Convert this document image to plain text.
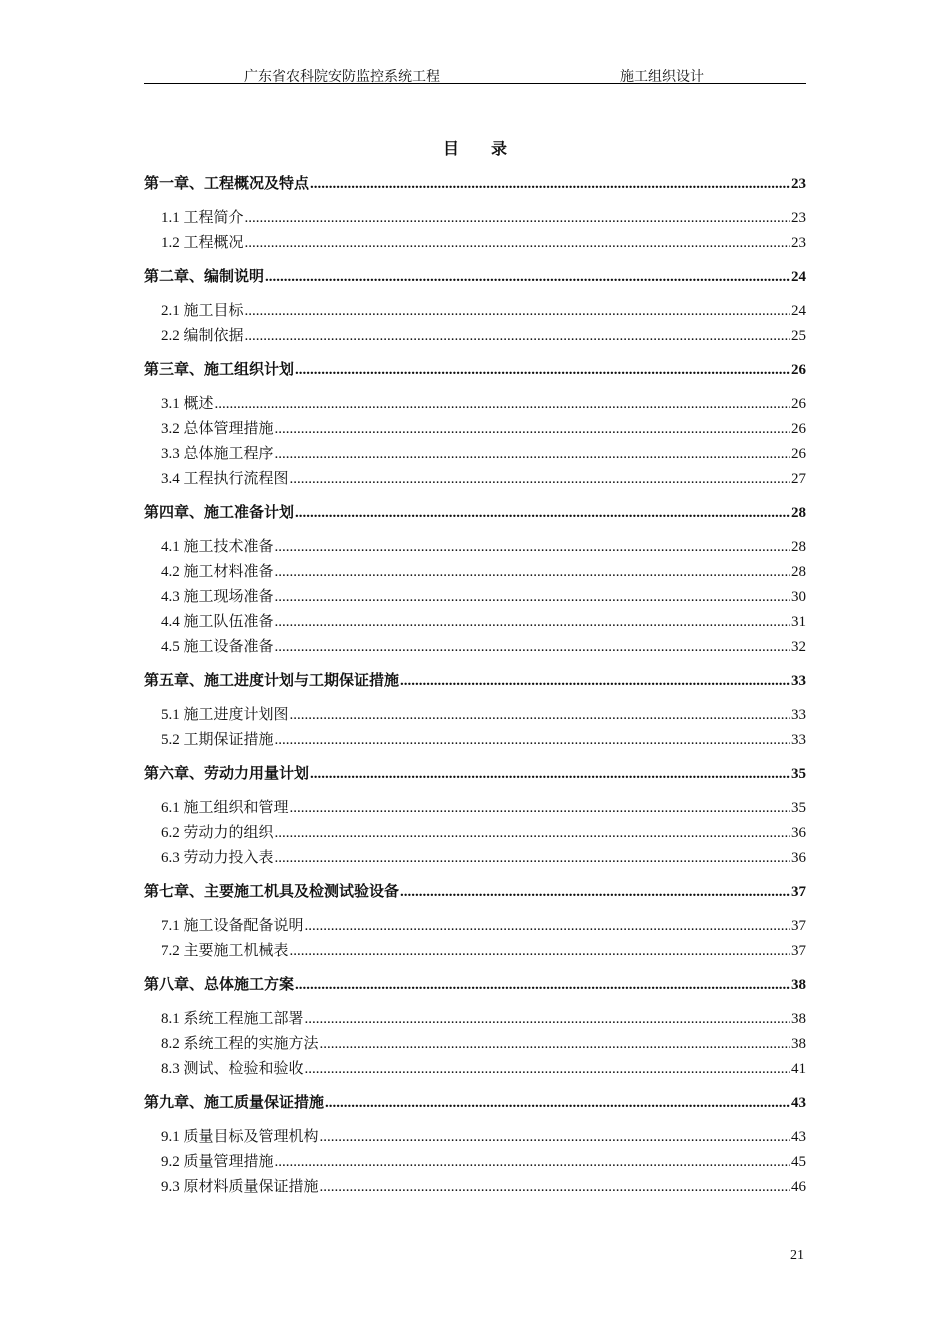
广东省农科院安防监控系统工程	施工组织设计
目 录
第一章、工程概况及特点 .....	23
1.1 工程简介 .....	23
1.2 工程概况 .....	23
第二章、编制说明 .....	24
2.1 施工目标 .....	24
2.2 编制依据 .....	25
第三章、施工组织计划 .....	26
3.1 概述 .....	26
3.2 总体管理措施 .....	26
3.3 总体施工程序 .....	26
3.4 工程执行流程图 .....	27
第四章、施工准备计划 .....	28
4.1 施工技术准备 .....	28
4.2 施工材料准备 .....	28
4.3 施工现场准备 .....	30
4.4 施工队伍准备 .....	31
4.5 施工设备准备 .....	32
第五章、施工进度计划与工期保证措施 .....	33
5.1 施工进度计划图 .....	33
5.2 工期保证措施 .....	33
第六章、劳动力用量计划 .....	35
6.1 施工组织和管理 .....	35
6.2 劳动力的组织 .....	36
6.3 劳动力投入表 .....	36
第七章、主要施工机具及检测试验设备 .....	37
7.1 施工设备配备说明 .....	37
7.2 主要施工机械表 .....	37
第八章、总体施工方案 .....	38
8.1 系统工程施工部署 .....	38
8.2 系统工程的实施方法 .....	38
8.3 测试、检验和验收 .....	41
第九章、施工质量保证措施 .....	43
9.1 质量目标及管理机构 .....	43
9.2 质量管理措施 .....	45
9.3 原材料质量保证措施 .....	46
21
